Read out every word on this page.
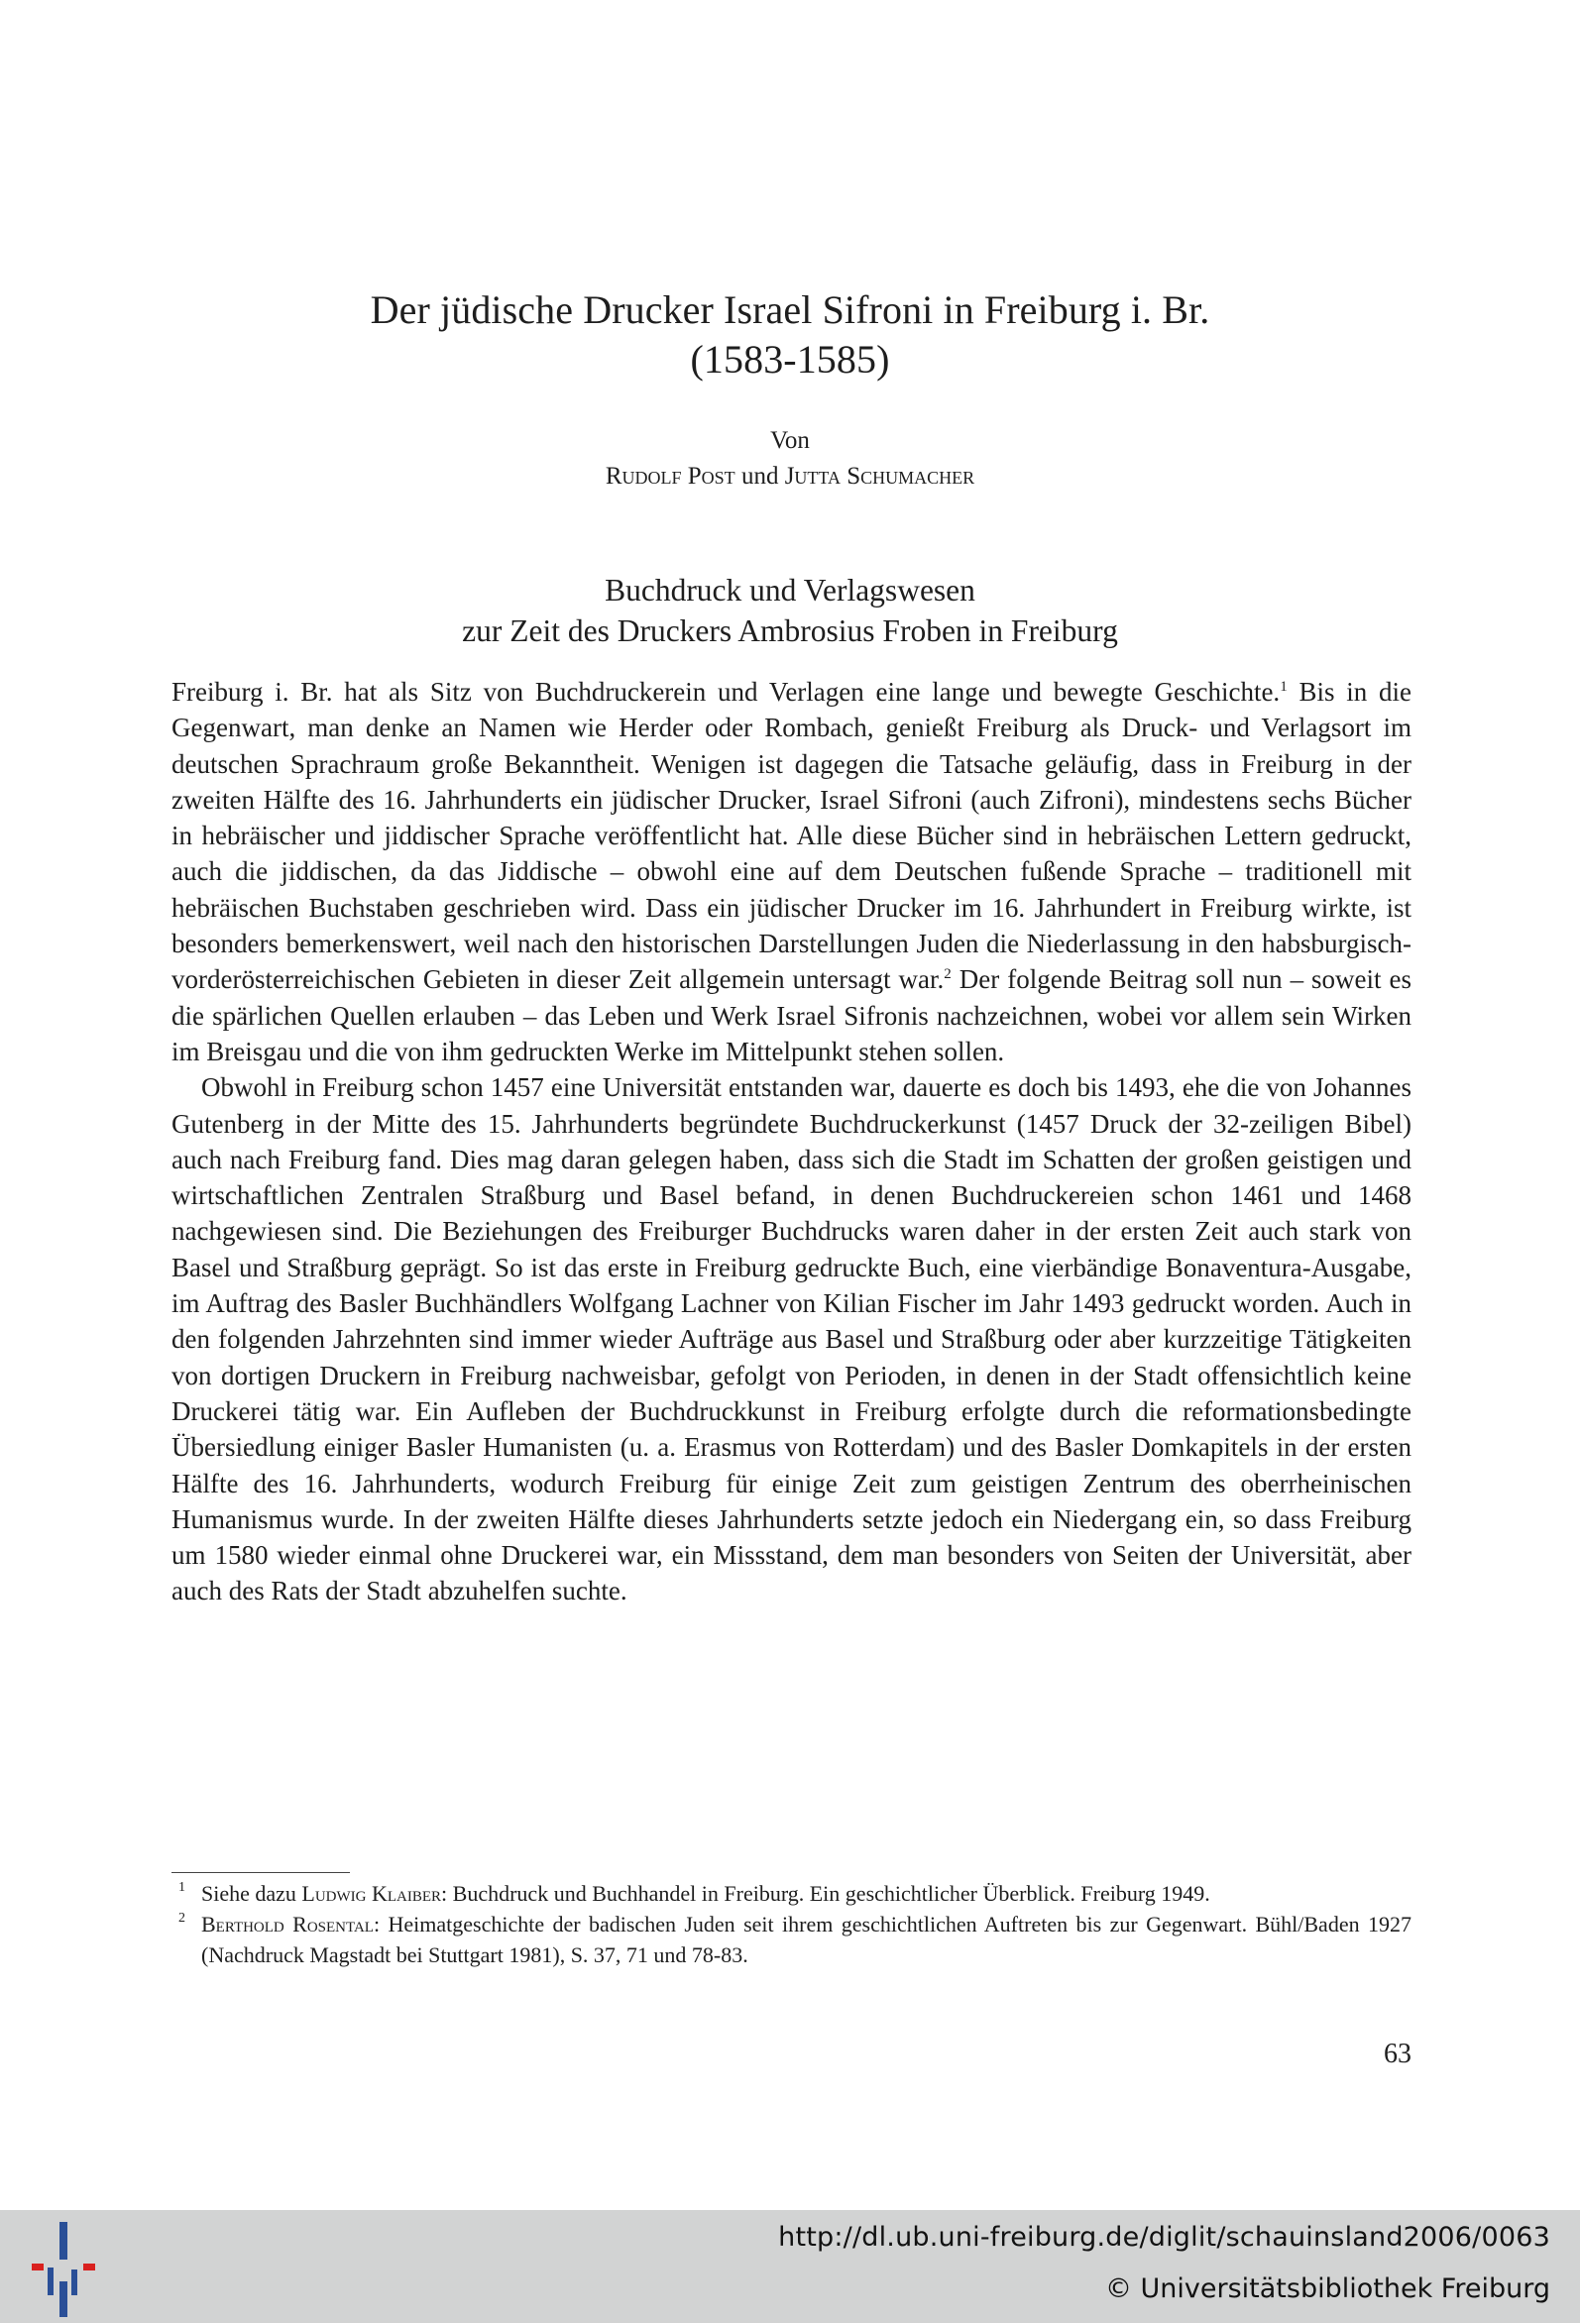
Der jüdische Drucker Israel Sifroni in Freiburg i. Br.
(1583-1585)
Von
Rudolf Post und Jutta Schumacher
Buchdruck und Verlagswesen
zur Zeit des Druckers Ambrosius Froben in Freiburg

Freiburg i. Br. hat als Sitz von Buchdruckerein und Verlagen eine lange und bewegte Geschichte.$^1$ Bis in die Gegenwart, man denke an Namen wie Herder oder Rombach, genießt Freiburg als Druck- und Verlagsort im deutschen Sprachraum große Bekanntheit. Wenigen ist dagegen die Tatsache geläufig, dass in Freiburg in der zweiten Hälfte des 16. Jahrhunderts ein jüdischer Drucker, Israel Sifroni (auch Zifroni), mindestens sechs Bücher in hebräischer und jiddischer Sprache veröffentlicht hat. Alle diese Bücher sind in hebräischen Lettern gedruckt, auch die jiddischen, da das Jiddische – obwohl eine auf dem Deutschen fußende Sprache – traditionell mit hebräischen Buchstaben geschrieben wird. Dass ein jüdischer Drucker im 16. Jahrhundert in Freiburg wirkte, ist besonders bemerkenswert, weil nach den historischen Darstellungen Juden die Niederlassung in den habsburgisch-vorderösterreichischen Gebieten in dieser Zeit allgemein untersagt war.$^2$ Der folgende Beitrag soll nun – soweit es die spärlichen Quellen erlauben – das Leben und Werk Israel Sifronis nachzeichnen, wobei vor allem sein Wirken im Breisgau und die von ihm gedruckten Werke im Mittelpunkt stehen sollen.

Obwohl in Freiburg schon 1457 eine Universität entstanden war, dauerte es doch bis 1493, ehe die von Johannes Gutenberg in der Mitte des 15. Jahrhunderts begründete Buchdruckerkunst (1457 Druck der 32-zeiligen Bibel) auch nach Freiburg fand. Dies mag daran gelegen haben, dass sich die Stadt im Schatten der großen geistigen und wirtschaftlichen Zentralen Straßburg und Basel befand, in denen Buchdruckereien schon 1461 und 1468 nachgewiesen sind. Die Beziehungen des Freiburger Buchdrucks waren daher in der ersten Zeit auch stark von Basel und Straßburg geprägt. So ist das erste in Freiburg gedruckte Buch, eine vierbändige Bonaventura-Ausgabe, im Auftrag des Basler Buchhändlers Wolfgang Lachner von Kilian Fischer im Jahr 1493 gedruckt worden. Auch in den folgenden Jahrzehnten sind immer wieder Aufträge aus Basel und Straßburg oder aber kurzzeitige Tätigkeiten von dortigen Druckern in Freiburg nachweisbar, gefolgt von Perioden, in denen in der Stadt offensichtlich keine Druckerei tätig war. Ein Aufleben der Buchdruckkunst in Freiburg erfolgte durch die reformationsbedingte Übersiedlung einiger Basler Humanisten (u. a. Erasmus von Rotterdam) und des Basler Domkapitels in der ersten Hälfte des 16. Jahrhunderts, wodurch Freiburg für einige Zeit zum geistigen Zentrum des oberrheinischen Humanismus wurde. In der zweiten Hälfte dieses Jahrhunderts setzte jedoch ein Niedergang ein, so dass Freiburg um 1580 wieder einmal ohne Druckerei war, ein Missstand, dem man besonders von Seiten der Universität, aber auch des Rats der Stadt abzuhelfen suchte.

1 Siehe dazu Ludwig Klaiber: Buchdruck und Buchhandel in Freiburg. Ein geschichtlicher Überblick. Freiburg 1949.

2 Berthold Rosental: Heimatgeschichte der badischen Juden seit ihrem geschichtlichen Auftreten bis zur Gegenwart. Bühl/Baden 1927 (Nachdruck Magstadt bei Stuttgart 1981), S. 37, 71 und 78-83.

63
http://dl.ub.uni-freiburg.de/diglit/schauinsland2006/0063
© Universitätsbibliothek Freiburg
